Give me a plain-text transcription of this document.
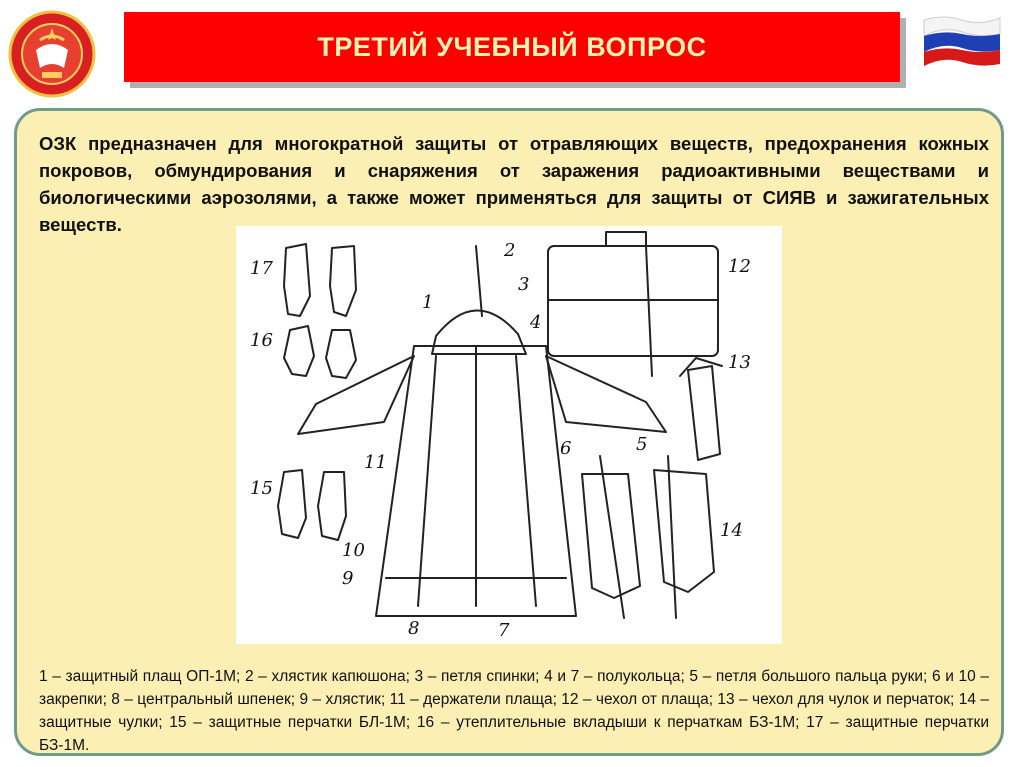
ТРЕТИЙ УЧЕБНЫЙ ВОПРОС

ОЗК предназначен для многократной защиты от отравляющих веществ, предохранения кожных покровов, обмундирования и снаряжения от заражения радиоактивными веществами и биологическими аэрозолями, а также может применяться для защиты от СИЯВ и зажигательных веществ.

17
16
15
10
9
1
2
3
4
11
8	7
12
13
5
6
14

1 – защитный плащ ОП-1М; 2 – хлястик капюшона; 3 – петля спинки; 4 и 7 – полукольца; 5 – петля большого пальца руки; 6 и 10 – закрепки; 8 – центральный шпенек; 9 – хлястик; 11 – держатели плаща; 12 – чехол от плаща; 13 – чехол для чулок и перчаток; 14 – защитные чулки; 15 – защитные перчатки БЛ-1М; 16 – утеплительные вкладыши к перчаткам БЗ-1М; 17 – защитные перчатки БЗ-1М.
